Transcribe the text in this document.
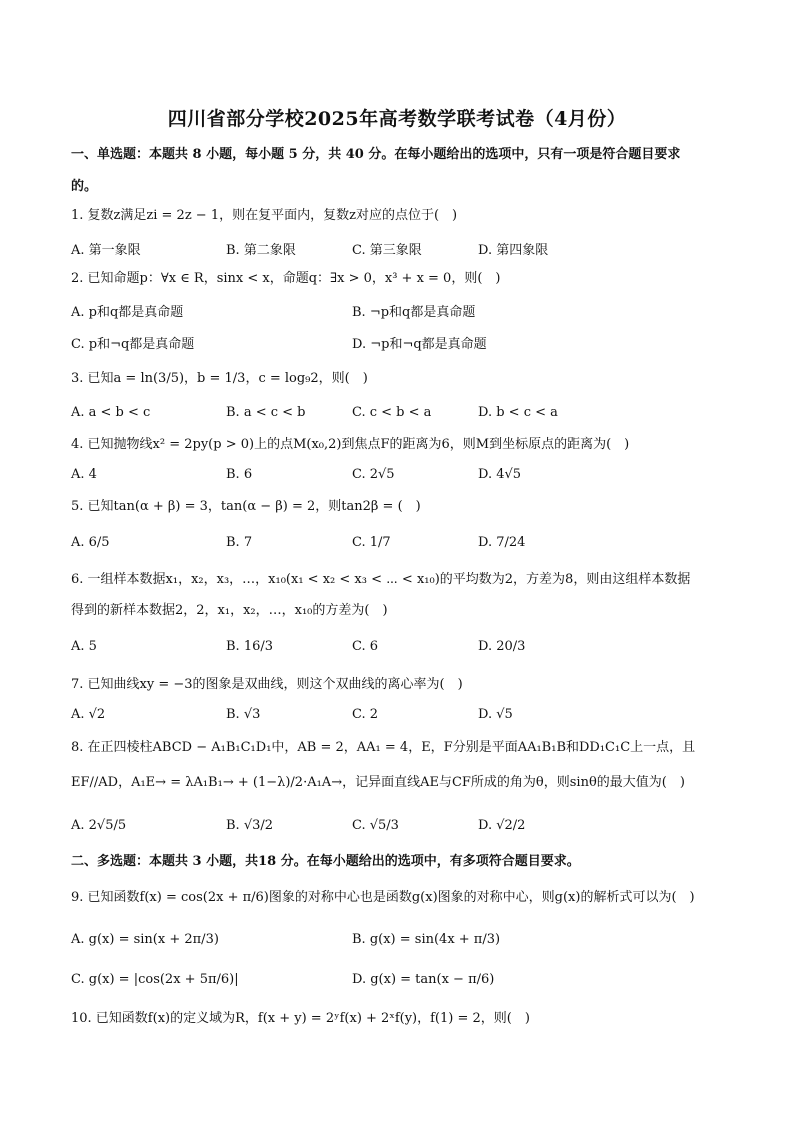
四川省部分学校2025年高考数学联考试卷（4月份）
一、单选题：本题共 8 小题，每小题 5 分，共 40 分。在每小题给出的选项中，只有一项是符合题目要求
的。
1. 复数z满足zi = 2z − 1，则在复平面内，复数z对应的点位于(　)
A. 第一象限	B. 第二象限	C. 第三象限	D. 第四象限
2. 已知命题p：∀x ∈ R，sinx < x，命题q：∃x > 0，x³ + x = 0，则(　)
A. p和q都是真命题	B. ¬p和q都是真命题
C. p和¬q都是真命题	D. ¬p和¬q都是真命题
3. 已知a = ln(3/5)，b = 1/3，c = log₉2，则(　)
A. a < b < c	B. a < c < b	C. c < b < a	D. b < c < a
4. 已知抛物线x² = 2py(p > 0)上的点M(x₀,2)到焦点F的距离为6，则M到坐标原点的距离为(　)
A. 4	B. 6	C. 2√5	D. 4√5
5. 已知tan(α + β) = 3，tan(α − β) = 2，则tan2β = (　)
A. 6/5	B. 7	C. 1/7	D. 7/24
6. 一组样本数据x₁，x₂，x₃，…，x₁₀(x₁ < x₂ < x₃ < ⋯ < x₁₀)的平均数为2，方差为8，则由这组样本数据
得到的新样本数据2，2，x₁，x₂，…，x₁₀的方差为(　)
A. 5	B. 16/3	C. 6	D. 20/3
7. 已知曲线xy = −3的图象是双曲线，则这个双曲线的离心率为(　)
A. √2	B. √3	C. 2	D. √5
8. 在正四棱柱ABCD − A₁B₁C₁D₁中，AB = 2，AA₁ = 4，E，F分别是平面AA₁B₁B和DD₁C₁C上一点，且
EF//AD，A₁E→ = λA₁B₁→ + (1−λ)/2·A₁A→，记异面直线AE与CF所成的角为θ，则sinθ的最大值为(　)
A. 2√5/5	B. √3/2	C. √5/3	D. √2/2
二、多选题：本题共 3 小题，共18 分。在每小题给出的选项中，有多项符合题目要求。
9. 已知函数f(x) = cos(2x + π/6)图象的对称中心也是函数g(x)图象的对称中心，则g(x)的解析式可以为(　)
A. g(x) = sin(x + 2π/3)	B. g(x) = sin(4x + π/3)
C. g(x) = |cos(2x + 5π/6)|	D. g(x) = tan(x − π/6)
10. 已知函数f(x)的定义域为R，f(x + y) = 2ʸf(x) + 2ˣf(y)，f(1) = 2，则(　)
